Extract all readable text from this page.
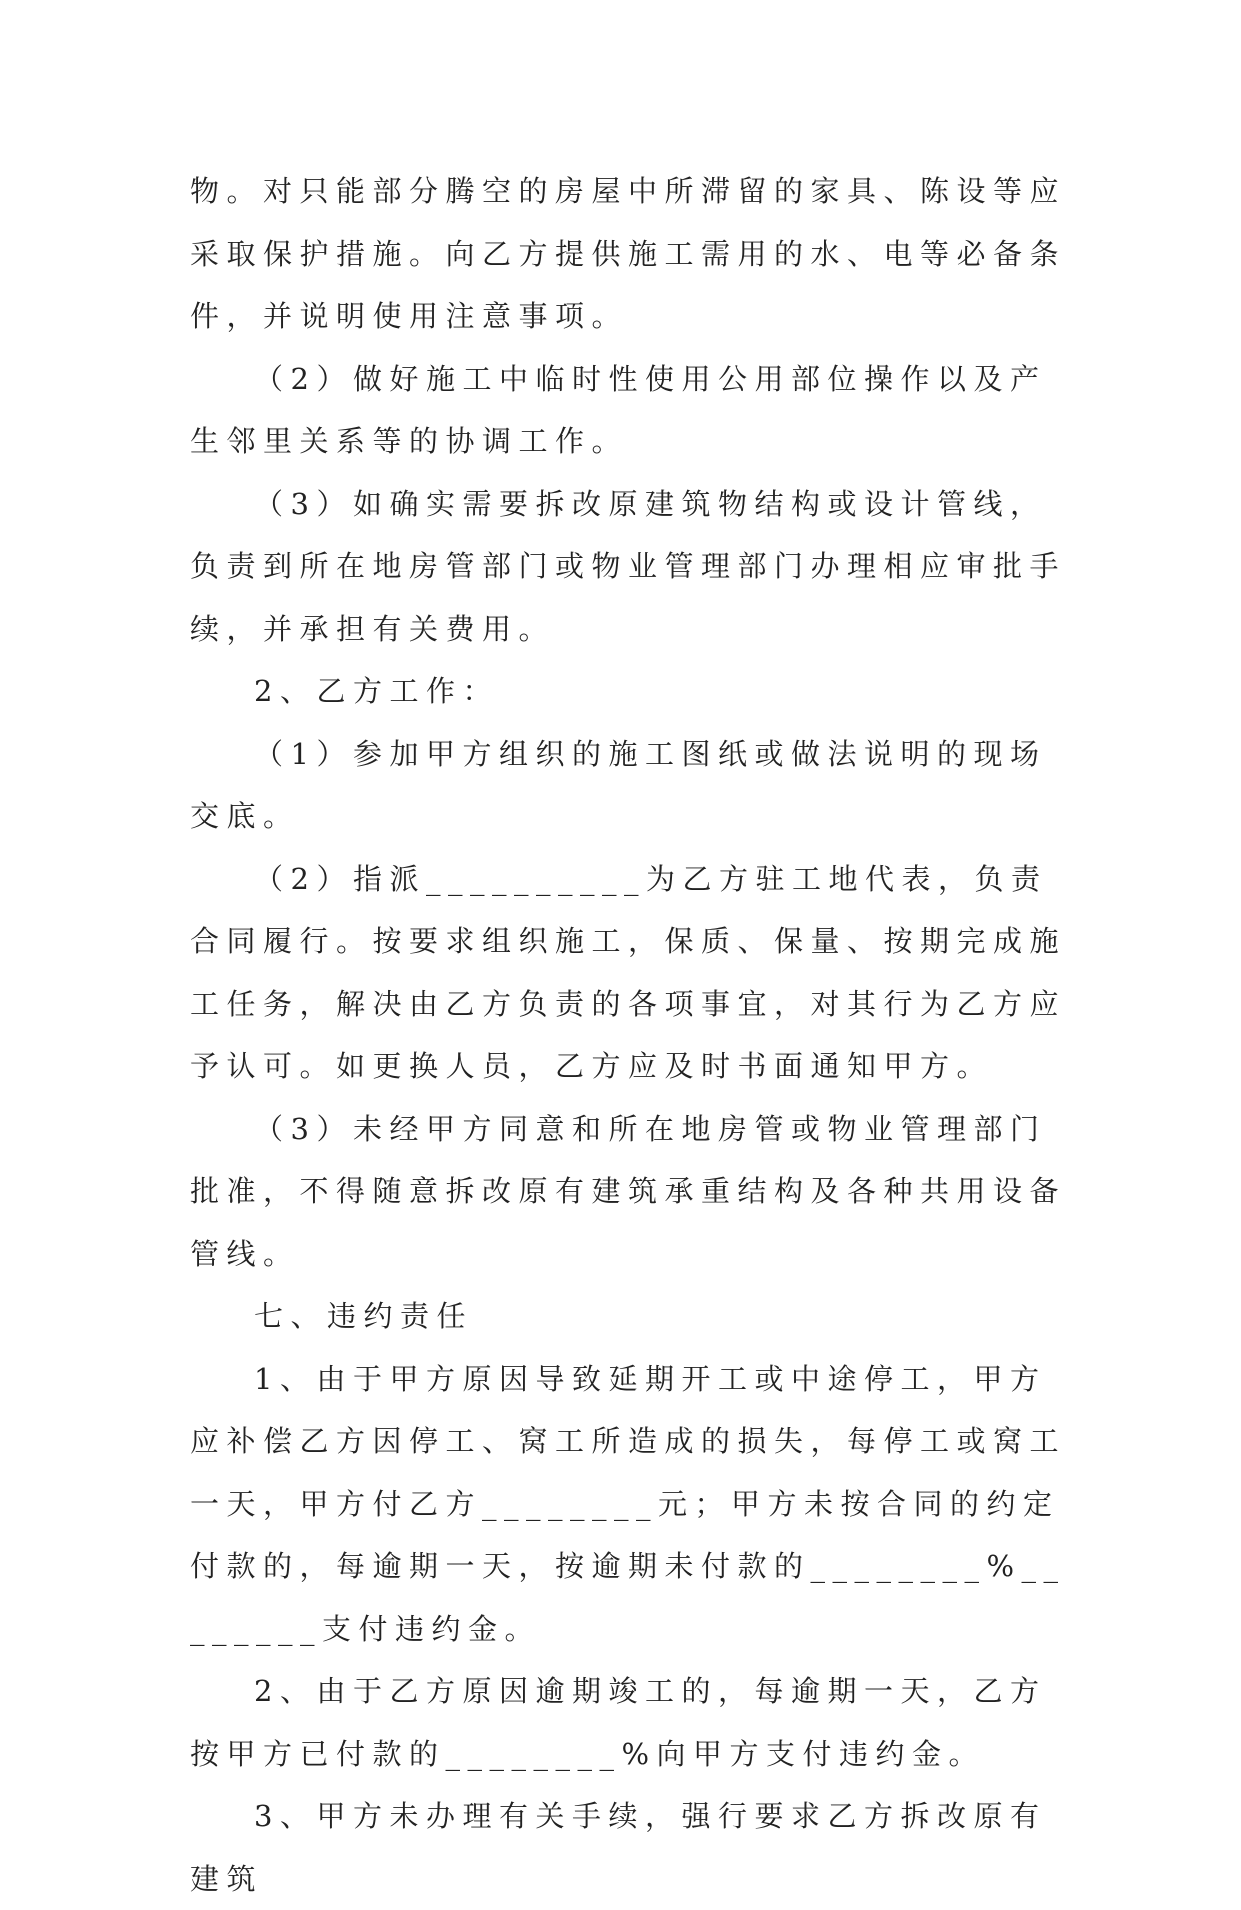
物。对只能部分腾空的房屋中所滞留的家具、陈设等应采取保护措施。向乙方提供施工需用的水、电等必备条件，并说明使用注意事项。

（2）做好施工中临时性使用公用部位操作以及产生邻里关系等的协调工作。

（3）如确实需要拆改原建筑物结构或设计管线，负责到所在地房管部门或物业管理部门办理相应审批手续，并承担有关费用。

2、乙方工作：

（1）参加甲方组织的施工图纸或做法说明的现场交底。

（2）指派__________为乙方驻工地代表，负责合同履行。按要求组织施工，保质、保量、按期完成施工任务，解决由乙方负责的各项事宜，对其行为乙方应予认可。如更换人员，乙方应及时书面通知甲方。

（3）未经甲方同意和所在地房管或物业管理部门批准，不得随意拆改原有建筑承重结构及各种共用设备管线。

七、违约责任

1、由于甲方原因导致延期开工或中途停工，甲方应补偿乙方因停工、窝工所造成的损失，每停工或窝工一天，甲方付乙方________元；甲方未按合同的约定付款的，每逾期一天，按逾期未付款的________%________支付违约金。

2、由于乙方原因逾期竣工的，每逾期一天，乙方按甲方已付款的________%向甲方支付违约金。

3、甲方未办理有关手续，强行要求乙方拆改原有建筑
